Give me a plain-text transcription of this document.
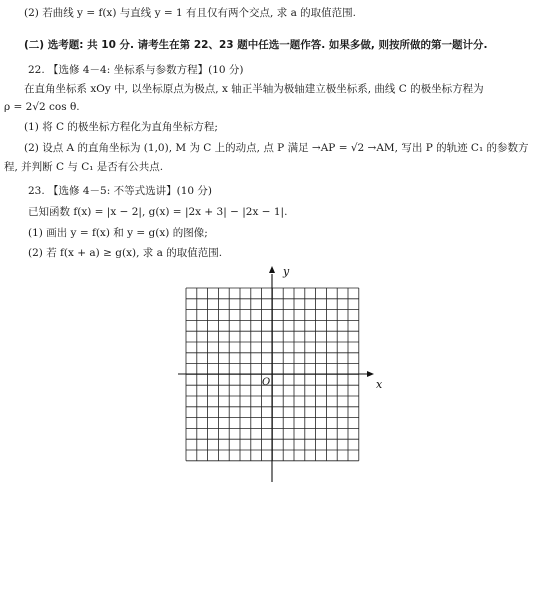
(2) 若曲线 y = f(x) 与直线 y = 1 有且仅有两个交点, 求 a 的取值范围.
(二) 选考题: 共 10 分. 请考生在第 22、23 题中任选一题作答. 如果多做, 则按所做的第一题计分.
22. 【选修 4－4: 坐标系与参数方程】(10 分)
在直角坐标系 xOy 中, 以坐标原点为极点, x 轴正半轴为极轴建立极坐标系, 曲线 C 的极坐标方程为
ρ = 2√2 cos θ.
(1) 将 C 的极坐标方程化为直角坐标方程;
(2) 设点 A 的直角坐标为 (1,0), M 为 C 上的动点, 点 P 满足 →AP = √2 →AM, 写出 P 的轨迹 C₁ 的参数方
程, 并判断 C 与 C₁ 是否有公共点.
23. 【选修 4－5: 不等式选讲】(10 分)
已知函数 f(x) = |x − 2|, g(x) = |2x + 3| − |2x − 1|.
(1) 画出 y = f(x) 和 y = g(x) 的图像;
(2) 若 f(x + a) ≥ g(x), 求 a 的取值范围.
y
x
O
